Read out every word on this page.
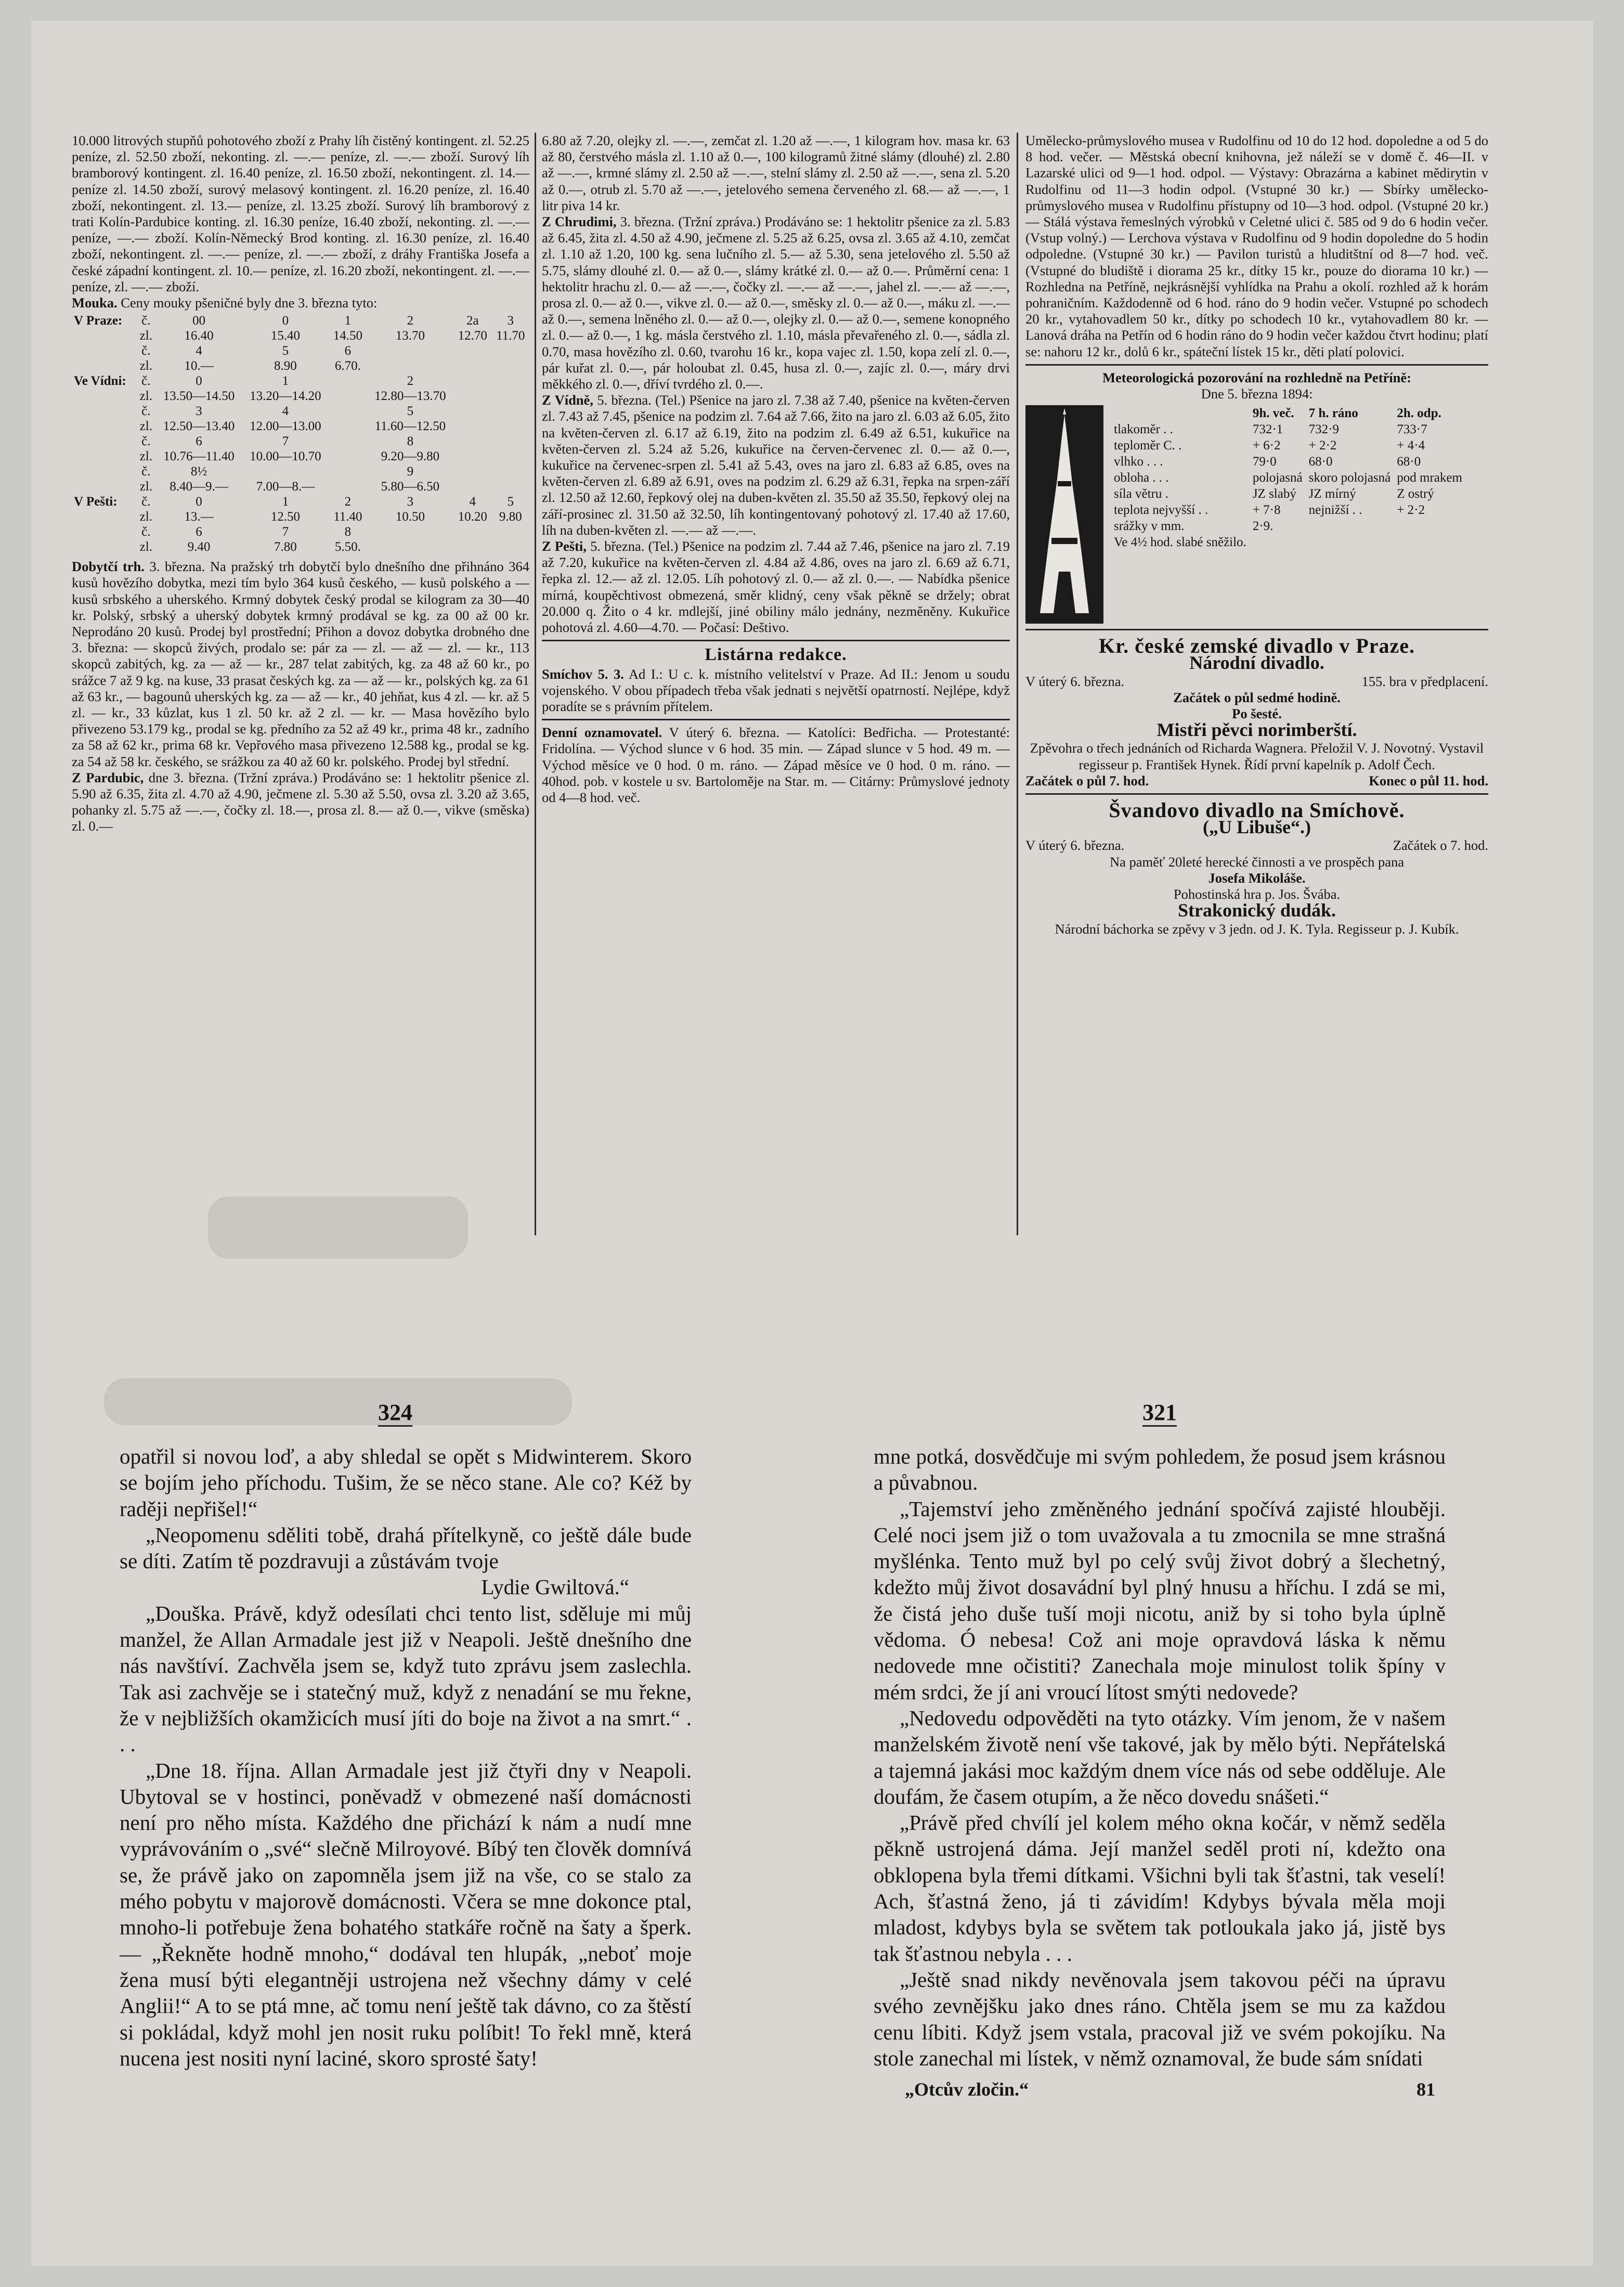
10.000 litrových stupňů pohotového zboží z Prahy líh čistěný kontingent. zl. 52.25 peníze, zl. 52.50 zboží, nekonting. zl. —.— peníze, zl. —.— zboží. Surový líh bramborový kontingent. zl. 16.40 peníze, zl. 16.50 zboží, nekontingent. zl. 14.— peníze zl. 14.50 zboží, surový melasový kontingent. zl. 16.20 peníze, zl. 16.40 zboží, nekontingent. zl. 13.— peníze, zl. 13.25 zboží. Surový líh bramborový z trati Kolín-Pardubice konting. zl. 16.30 peníze, 16.40 zboží, nekonting. zl. —.— peníze, —.— zboží. Kolín-Německý Brod konting. zl. 16.30 peníze, zl. 16.40 zboží, nekontingent. zl. —.— peníze, zl. —.— zboží, z dráhy Františka Josefa a české západní kontingent. zl. 10.— peníze, zl. 16.20 zboží, nekontingent. zl. —.— peníze, zl. —.— zboží.

Mouka. Ceny mouky pšeničné byly dne 3. března tyto:

V Praze:	č.	00	0	1	2	2a	3
	zl.	16.40	15.40	14.50	13.70	12.70	11.70
	č.	4	5	6			
	zl.	10.—	8.90	6.70.			
Ve Vídni:	č.	0	1		2		
	zl.	13.50—14.50	13.20—14.20		12.80—13.70		
	č.	3	4		5		
	zl.	12.50—13.40	12.00—13.00		11.60—12.50		
	č.	6	7		8		
	zl.	10.76—11.40	10.00—10.70		9.20—9.80		
	č.	8½			9		
	zl.	8.40—9.—	7.00—8.—		5.80—6.50		
V Pešti:	č.	0	1	2	3	4	5
	zl.	13.—	12.50	11.40	10.50	10.20	9.80
	č.	6	7	8			
	zl.	9.40	7.80	5.50.			

Dobytčí trh. 3. března. Na pražský trh dobytčí bylo dnešního dne přihnáno 364 kusů hovězího dobytka, mezi tím bylo 364 kusů českého, — kusů polského a — kusů srbského a uherského. Krmný dobytek český prodal se kilogram za 30—40 kr. Polský, srbský a uherský dobytek krmný prodával se kg. za 00 až 00 kr. Neprodáno 20 kusů. Prodej byl prostřední; Přihon a dovoz dobytka drobného dne 3. března: — skopců živých, prodalo se: pár za — zl. — až — zl. — kr., 113 skopců zabitých, kg. za — až — kr., 287 telat zabitých, kg. za 48 až 60 kr., po srážce 7 až 9 kg. na kuse, 33 prasat českých kg. za — až — kr., polských kg. za 61 až 63 kr., — bagounů uherských kg. za — až — kr., 40 jehňat, kus 4 zl. — kr. až 5 zl. — kr., 33 kůzlat, kus 1 zl. 50 kr. až 2 zl. — kr. — Masa hovězího bylo přivezeno 53.179 kg., prodal se kg. předního za 52 až 49 kr., prima 48 kr., zadního za 58 až 62 kr., prima 68 kr. Vepřového masa přivezeno 12.588 kg., prodal se kg. za 54 až 58 kr. českého, se srážkou za 40 až 60 kr. polského. Prodej byl střední.

Z Pardubic, dne 3. března. (Tržní zpráva.) Prodáváno se: 1 hektolitr pšenice zl. 5.90 až 6.35, žita zl. 4.70 až 4.90, ječmene zl. 5.30 až 5.50, ovsa zl. 3.20 až 3.65, pohanky zl. 5.75 až —.—, čočky zl. 18.—, prosa zl. 8.— až 0.—, vikve (směska) zl. 0.—

6.80 až 7.20, olejky zl. —.—, zemčat zl. 1.20 až —.—, 1 kilogram hov. masa kr. 63 až 80, čerstvého másla zl. 1.10 až 0.—, 100 kilogramů žitné slámy (dlouhé) zl. 2.80 až —.—, krmné slámy zl. 2.50 až —.—, stelní slámy zl. 2.50 až —.—, sena zl. 5.20 až 0.—, otrub zl. 5.70 až —.—, jetelového semena červeného zl. 68.— až —.—, 1 litr piva 14 kr.

Z Chrudimi, 3. března. (Tržní zpráva.) Prodáváno se: 1 hektolitr pšenice za zl. 5.83 až 6.45, žita zl. 4.50 až 4.90, ječmene zl. 5.25 až 6.25, ovsa zl. 3.65 až 4.10, zemčat zl. 1.10 až 1.20, 100 kg. sena lučního zl. 5.— až 5.30, sena jetelového zl. 5.50 až 5.75, slámy dlouhé zl. 0.— až 0.—, slámy krátké zl. 0.— až 0.—. Průměrní cena: 1 hektolitr hrachu zl. 0.— až —.—, čočky zl. —.— až —.—, jahel zl. —.— až —.—, prosa zl. 0.— až 0.—, vikve zl. 0.— až 0.—, směsky zl. 0.— až 0.—, máku zl. —.— až 0.—, semena lněného zl. 0.— až 0.—, olejky zl. 0.— až 0.—, semene konopného zl. 0.— až 0.—, 1 kg. másla čerstvého zl. 1.10, másla převařeného zl. 0.—, sádla zl. 0.70, masa hovězího zl. 0.60, tvarohu 16 kr., kopa vajec zl. 1.50, kopa zelí zl. 0.—, pár kuřat zl. 0.—, pár holoubat zl. 0.45, husa zl. 0.—, zajíc zl. 0.—, máry drvi měkkého zl. 0.—, dříví tvrdého zl. 0.—.

Z Vídně, 5. března. (Tel.) Pšenice na jaro zl. 7.38 až 7.40, pšenice na květen-červen zl. 7.43 až 7.45, pšenice na podzim zl. 7.64 až 7.66, žito na jaro zl. 6.03 až 6.05, žito na květen-červen zl. 6.17 až 6.19, žito na podzim zl. 6.49 až 6.51, kukuřice na květen-červen zl. 5.24 až 5.26, kukuřice na červen-červenec zl. 0.— až 0.—, kukuřice na červenec-srpen zl. 5.41 až 5.43, oves na jaro zl. 6.83 až 6.85, oves na květen-červen zl. 6.89 až 6.91, oves na podzim zl. 6.29 až 6.31, řepka na srpen-září zl. 12.50 až 12.60, řepkový olej na duben-květen zl. 35.50 až 35.50, řepkový olej na září-prosinec zl. 31.50 až 32.50, líh kontingentovaný pohotový zl. 17.40 až 17.60, líh na duben-květen zl. —.— až —.—.

Z Pešti, 5. března. (Tel.) Pšenice na podzim zl. 7.44 až 7.46, pšenice na jaro zl. 7.19 až 7.20, kukuřice na květen-červen zl. 4.84 až 4.86, oves na jaro zl. 6.69 až 6.71, řepka zl. 12.— až zl. 12.05. Líh pohotový zl. 0.— až zl. 0.—. — Nabídka pšenice mírná, koupěchtivost obmezená, směr klidný, ceny však pěkně se držely; obrat 20.000 q. Žito o 4 kr. mdlejší, jiné obiliny málo jednány, nezměněny. Kukuřice pohotová zl. 4.60—4.70. — Počasí: Deštivo.

Listárna redakce.

Smíchov 5. 3. Ad I.: U c. k. místního velitelství v Praze. Ad II.: Jenom u soudu vojenského. V obou případech třeba však jednati s největší opatrností. Nejlépe, když poradíte se s právním přítelem.

Denní oznamovatel. V úterý 6. března. — Katolíci: Bedřicha. — Protestanté: Fridolína. — Východ slunce v 6 hod. 35 min. — Západ slunce v 5 hod. 49 m. — Východ měsíce ve 0 hod. 0 m. ráno. — Západ měsíce ve 0 hod. 0 m. ráno. — 40hod. pob. v kostele u sv. Bartoloměje na Star. m. — Citárny: Průmyslové jednoty od 4—8 hod. več.

Umělecko-průmyslového musea v Rudolfinu od 10 do 12 hod. dopoledne a od 5 do 8 hod. večer. — Městská obecní knihovna, jež náleží se v domě č. 46—II. v Lazarské ulici od 9—1 hod. odpol. — Výstavy: Obrazárna a kabinet mědirytin v Rudolfinu od 11—3 hodin odpol. (Vstupné 30 kr.) — Sbírky umělecko-průmyslového musea v Rudolfinu přístupny od 10—3 hod. odpol. (Vstupné 20 kr.) — Stálá výstava řemeslných výrobků v Celetné ulici č. 585 od 9 do 6 hodin večer. (Vstup volný.) — Lerchova výstava v Rudolfinu od 9 hodin dopoledne do 5 hodin odpoledne. (Vstupné 30 kr.) — Pavilon turistů a hluditštní od 8—7 hod. več. (Vstupné do bludiště i diorama 25 kr., dítky 15 kr., pouze do diorama 10 kr.) — Rozhledna na Petříně, nejkrásnější vyhlídka na Prahu a okolí. rozhled až k horám pohraničním. Každodenně od 6 hod. ráno do 9 hodin večer. Vstupné po schodech 20 kr., vytahovadlem 50 kr., dítky po schodech 10 kr., vytahovadlem 80 kr. — Lanová dráha na Petřín od 6 hodin ráno do 9 hodin večer každou čtvrt hodinu; platí se: nahoru 12 kr., dolů 6 kr., spáteční lístek 15 kr., děti platí polovici.

Meteorologická pozorování na rozhledně na Petříně:
Dne 5. března 1894:
	9h. več.	7 h. ráno	2h. odp.
tlakoměr . .	732·1	732·9	733·7
teploměr C. .	+ 6·2	+ 2·2	+ 4·4
vlhko . . .	79·0	68·0	68·0
obloha . . .	polojasná	skoro polojasná	pod mrakem
síla větru .	JZ slabý	JZ mírný	Z ostrý
teplota nejvyšší . .	+ 7·8	nejnižší . .	+ 2·2
srážky v mm.	2·9.		
Ve 4½ hod. slabé sněžilo.			
Kr. české zemské divadlo v Praze.
Národní divadlo.
V úterý 6. března.	155. bra v předplacení.
Začátek o půl sedmé hodině.
Po šesté.
Mistři pěvci norimberští.

Zpěvohra o třech jednáních od Richarda Wagnera. Přeložil V. J. Novotný. Vystavil regisseur p. František Hynek. Řídí první kapelník p. Adolf Čech.

Začátek o půl 7. hod.	Konec o půl 11. hod.
Švandovo divadlo na Smíchově.
(„U Libuše“.)
V úterý 6. března.	Začátek o 7. hod.
Na paměť 20leté herecké činnosti a ve prospěch pana
Josefa Mikoláše.
Pohostinská hra p. Jos. Švába.
Strakonický dudák.
Národní báchorka se zpěvy v 3 jedn. od J. K. Tyla. Regisseur p. J. Kubík.
324	321

opatřil si novou loď, a aby shledal se opět s Midwinterem. Skoro se bojím jeho příchodu. Tušim, že se něco stane. Ale co? Kéž by raději nepřišel!“

„Neopomenu sděliti tobě, drahá přítelkyně, co ještě dále bude se díti. Zatím tě pozdravuji a zůstávám tvoje

Lydie Gwiltová.“

„Douška. Právě, když odesílati chci tento list, sděluje mi můj manžel, že Allan Armadale jest již v Neapoli. Ještě dnešního dne nás navštíví. Zachvěla jsem se, když tuto zprávu jsem zaslechla. Tak asi zachvěje se i statečný muž, když z nenadání se mu řekne, že v nejbližších okamžicích musí jíti do boje na život a na smrt.“ . . .

„Dne 18. října. Allan Armadale jest již čtyři dny v Neapoli. Ubytoval se v hostinci, poněvadž v obmezené naší domácnosti není pro něho místa. Každého dne přichází k nám a nudí mne vyprávováním o „své“ slečně Milroyové. Bíbý ten člověk domnívá se, že právě jako on zapomněla jsem již na vše, co se stalo za mého pobytu v majorově domácnosti. Včera se mne dokonce ptal, mnoho-li potřebuje žena bohatého statkáře ročně na šaty a šperk. — „Řekněte hodně mnoho,“ dodával ten hlupák, „neboť moje žena musí býti elegantněji ustrojena než všechny dámy v celé Anglii!“ A to se ptá mne, ač tomu není ještě tak dávno, co za štěstí si pokládal, když mohl jen nosit ruku políbit! To řekl mně, která nucena jest nositi nyní laciné, skoro sprosté šaty!

mne potká, dosvědčuje mi svým pohledem, že posud jsem krásnou a půvabnou.

„Tajemství jeho změněného jednání spočívá zajisté hlouběji. Celé noci jsem již o tom uvažovala a tu zmocnila se mne strašná myšlénka. Tento muž byl po celý svůj život dobrý a šlechetný, kdežto můj život dosavádní byl plný hnusu a hříchu. I zdá se mi, že čistá jeho duše tuší moji nicotu, aniž by si toho byla úplně vědoma. Ó nebesa! Což ani moje opravdová láska k němu nedovede mne očistiti? Zanechala moje minulost tolik špíny v mém srdci, že jí ani vroucí lítost smýti nedovede?

„Nedovedu odpověděti na tyto otázky. Vím jenom, že v našem manželském životě není vše takové, jak by mělo býti. Nepřátelská a tajemná jakási moc každým dnem více nás od sebe odděluje. Ale doufám, že časem otupím, a že něco dovedu snášeti.“

„Právě před chvílí jel kolem mého okna kočár, v němž seděla pěkně ustrojená dáma. Její manžel seděl proti ní, kdežto ona obklopena byla třemi dítkami. Všichni byli tak šťastni, tak veselí! Ach, šťastná ženo, já ti závidím! Kdybys bývala měla moji mladost, kdybys byla se světem tak potloukala jako já, jistě bys tak šťastnou nebyla . . .

„Ještě snad nikdy nevěnovala jsem takovou péči na úpravu svého zevnějšku jako dnes ráno. Chtěla jsem se mu za každou cenu líbiti. Když jsem vstala, pracoval již ve svém pokojíku. Na stole zanechal mi lístek, v němž oznamoval, že bude sám snídati

„Otcův zločin.“	81
